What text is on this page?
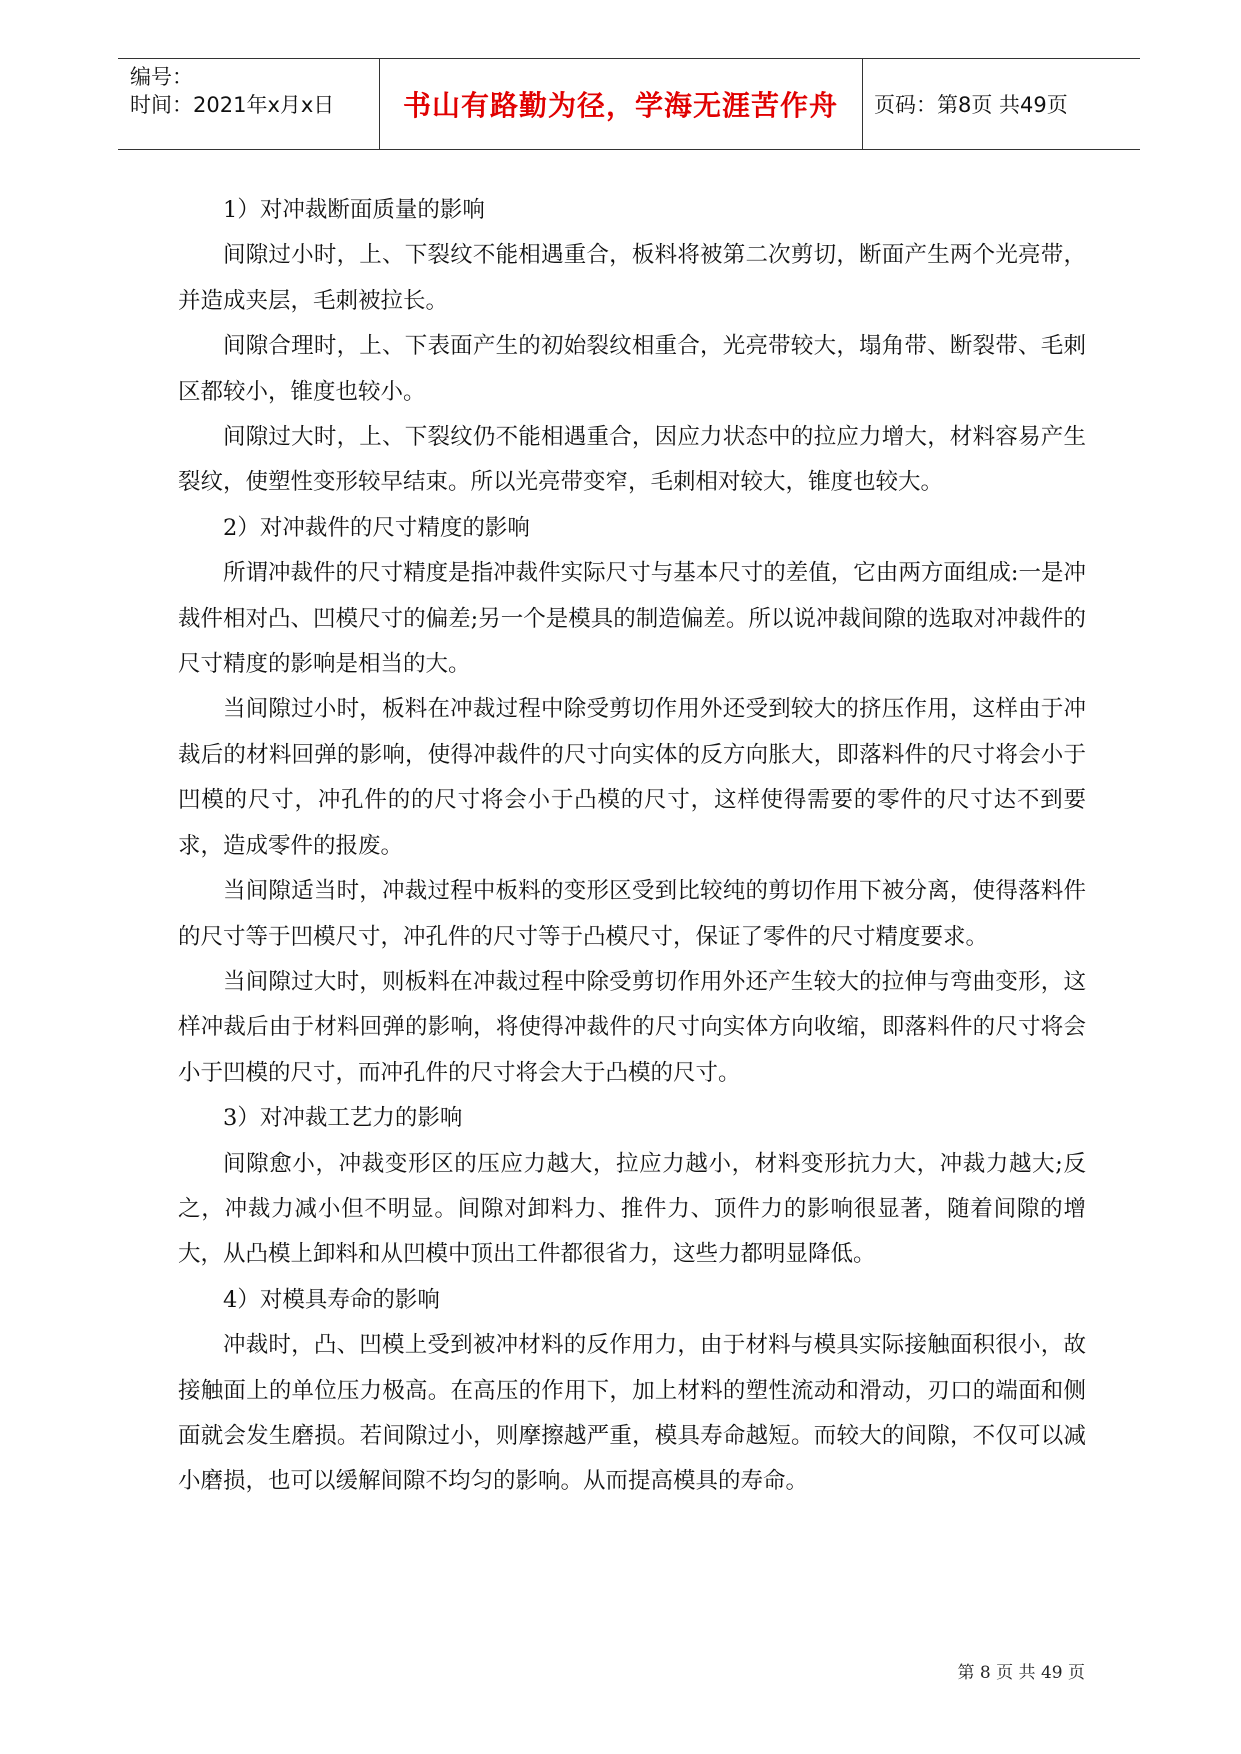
编号：
时间：2021年x月x日	书山有路勤为径，学海无涯苦作舟	页码：第8页 共49页

1）对冲裁断面质量的影响

间隙过小时，上、下裂纹不能相遇重合，板料将被第二次剪切，断面产生两个光亮带，并造成夹层，毛刺被拉长。

间隙合理时，上、下表面产生的初始裂纹相重合，光亮带较大，塌角带、断裂带、毛刺区都较小，锥度也较小。

间隙过大时，上、下裂纹仍不能相遇重合，因应力状态中的拉应力增大，材料容易产生裂纹，使塑性变形较早结束。所以光亮带变窄，毛刺相对较大，锥度也较大。

2）对冲裁件的尺寸精度的影响

所谓冲裁件的尺寸精度是指冲裁件实际尺寸与基本尺寸的差值，它由两方面组成:一是冲裁件相对凸、凹模尺寸的偏差;另一个是模具的制造偏差。所以说冲裁间隙的选取对冲裁件的尺寸精度的影响是相当的大。

当间隙过小时，板料在冲裁过程中除受剪切作用外还受到较大的挤压作用，这样由于冲裁后的材料回弹的影响，使得冲裁件的尺寸向实体的反方向胀大，即落料件的尺寸将会小于凹模的尺寸，冲孔件的的尺寸将会小于凸模的尺寸，这样使得需要的零件的尺寸达不到要求，造成零件的报废。

当间隙适当时，冲裁过程中板料的变形区受到比较纯的剪切作用下被分离，使得落料件的尺寸等于凹模尺寸，冲孔件的尺寸等于凸模尺寸，保证了零件的尺寸精度要求。

当间隙过大时，则板料在冲裁过程中除受剪切作用外还产生较大的拉伸与弯曲变形，这样冲裁后由于材料回弹的影响，将使得冲裁件的尺寸向实体方向收缩，即落料件的尺寸将会小于凹模的尺寸，而冲孔件的尺寸将会大于凸模的尺寸。

3）对冲裁工艺力的影响

间隙愈小，冲裁变形区的压应力越大，拉应力越小，材料变形抗力大，冲裁力越大;反之，冲裁力减小但不明显。间隙对卸料力、推件力、顶件力的影响很显著，随着间隙的增大，从凸模上卸料和从凹模中顶出工件都很省力，这些力都明显降低。

4）对模具寿命的影响

冲裁时，凸、凹模上受到被冲材料的反作用力，由于材料与模具实际接触面积很小，故接触面上的单位压力极高。在高压的作用下，加上材料的塑性流动和滑动，刃口的端面和侧面就会发生磨损。若间隙过小，则摩擦越严重，模具寿命越短。而较大的间隙，不仅可以减小磨损，也可以缓解间隙不均匀的影响。从而提高模具的寿命。

第 8 页 共 49 页
